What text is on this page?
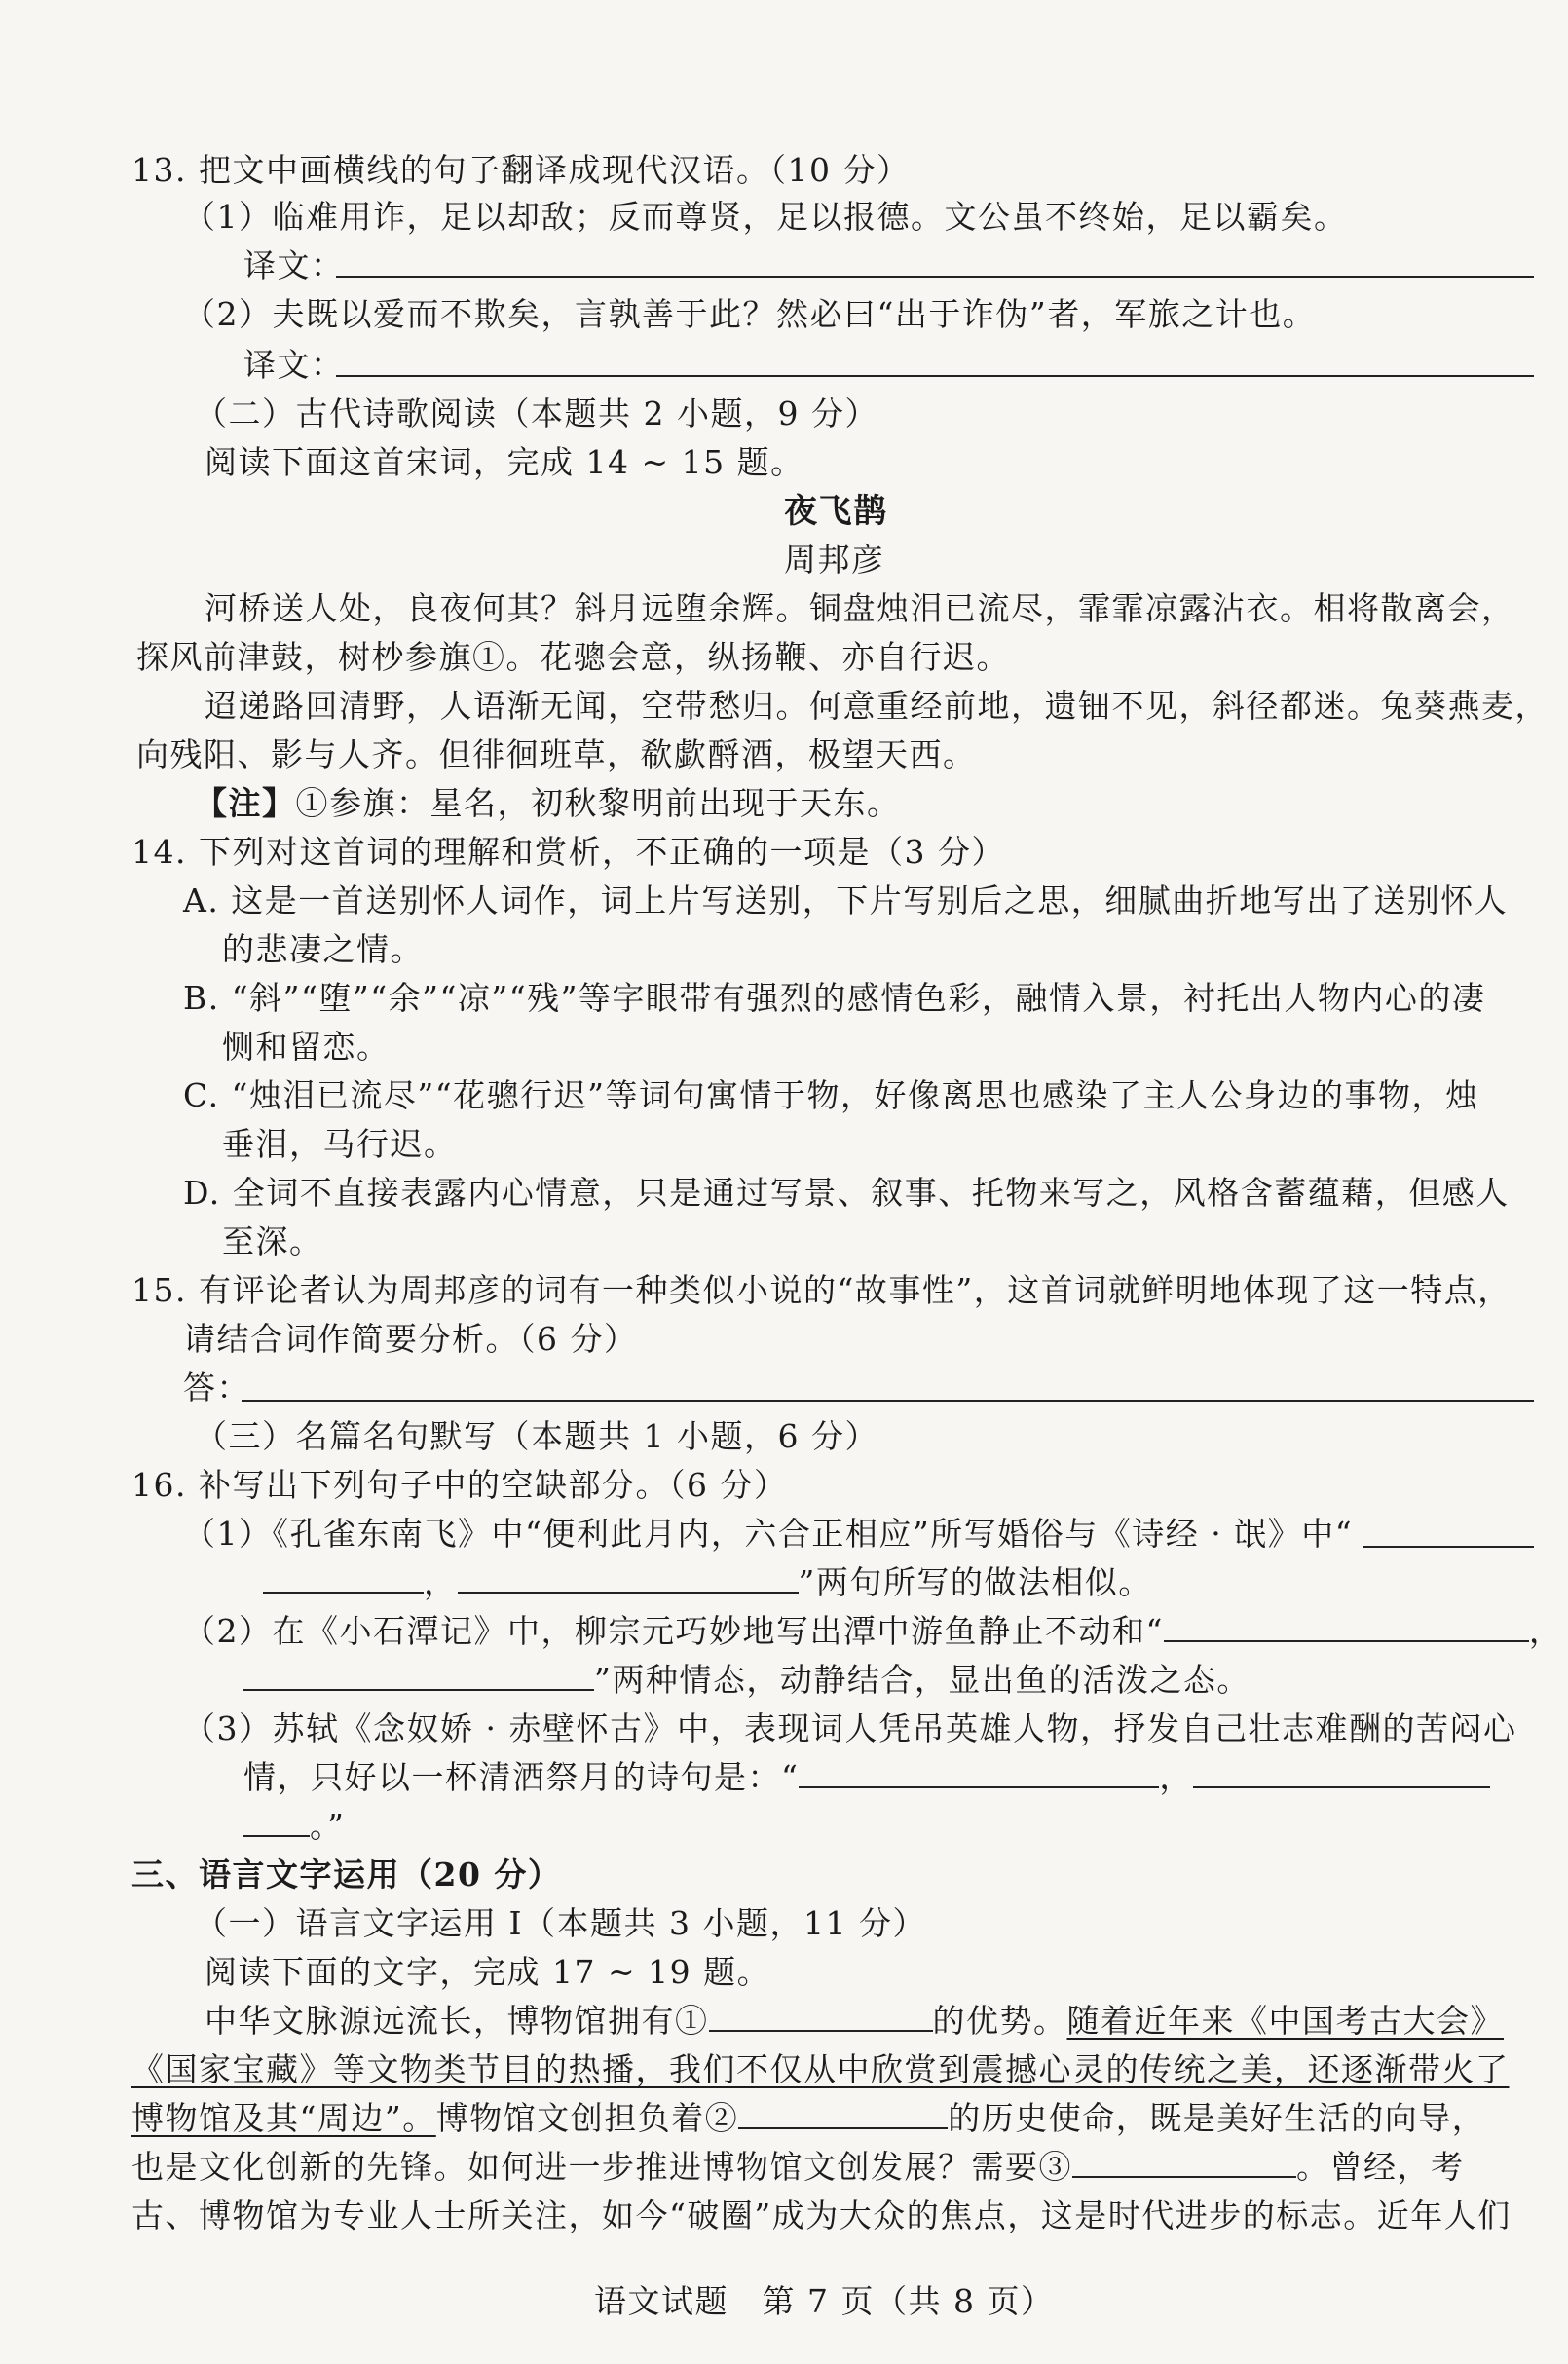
13. 把文中画横线的句子翻译成现代汉语。（10 分）
（1）临难用诈，足以却敌；反而尊贤，足以报德。文公虽不终始，足以霸矣。
译文：
（2）夫既以爱而不欺矣，言孰善于此？然必曰“出于诈伪”者，军旅之计也。
译文：
（二）古代诗歌阅读（本题共 2 小题，9 分）
阅读下面这首宋词，完成 14 ~ 15 题。
夜飞鹊
周邦彦
河桥送人处，良夜何其？斜月远堕余辉。铜盘烛泪已流尽，霏霏凉露沾衣。相将散离会，
探风前津鼓，树杪参旗①。花骢会意，纵扬鞭、亦自行迟。
迢递路回清野，人语渐无闻，空带愁归。何意重经前地，遗钿不见，斜径都迷。兔葵燕麦，
向残阳、影与人齐。但徘徊班草，欷歔酹酒，极望天西。
【注】①参旗：星名，初秋黎明前出现于天东。
14. 下列对这首词的理解和赏析，不正确的一项是（3 分）
A. 这是一首送别怀人词作，词上片写送别，下片写别后之思，细腻曲折地写出了送别怀人
的悲凄之情。
B. “斜”“堕”“余”“凉”“残”等字眼带有强烈的感情色彩，融情入景，衬托出人物内心的凄
恻和留恋。
C. “烛泪已流尽”“花骢行迟”等词句寓情于物，好像离思也感染了主人公身边的事物，烛
垂泪，马行迟。
D. 全词不直接表露内心情意，只是通过写景、叙事、托物来写之，风格含蓄蕴藉，但感人
至深。
15. 有评论者认为周邦彦的词有一种类似小说的“故事性”，这首词就鲜明地体现了这一特点，
请结合词作简要分析。（6 分）
答：
（三）名篇名句默写（本题共 1 小题，6 分）
16. 补写出下列句子中的空缺部分。（6 分）
（1）《孔雀东南飞》中“便利此月内，六合正相应”所写婚俗与《诗经 · 氓》中“
，	”两句所写的做法相似。
（2）在《小石潭记》中，柳宗元巧妙地写出潭中游鱼静止不动和“	，
”两种情态，动静结合，显出鱼的活泼之态。
（3）苏轼《念奴娇 · 赤壁怀古》中，表现词人凭吊英雄人物，抒发自己壮志难酬的苦闷心
情，只好以一杯清酒祭月的诗句是：“	，
。”
三、语言文字运用（20 分）
（一）语言文字运用 Ⅰ（本题共 3 小题，11 分）
阅读下面的文字，完成 17 ~ 19 题。
中华文脉源远流长，博物馆拥有①	的优势。随着近年来《中国考古大会》
《国家宝藏》等文物类节目的热播，我们不仅从中欣赏到震撼心灵的传统之美，还逐渐带火了
博物馆及其“周边”。博物馆文创担负着②	的历史使命，既是美好生活的向导，
也是文化创新的先锋。如何进一步推进博物馆文创发展？需要③	。曾经，考
古、博物馆为专业人士所关注，如今“破圈”成为大众的焦点，这是时代进步的标志。近年人们
语文试题　第 7 页（共 8 页）
